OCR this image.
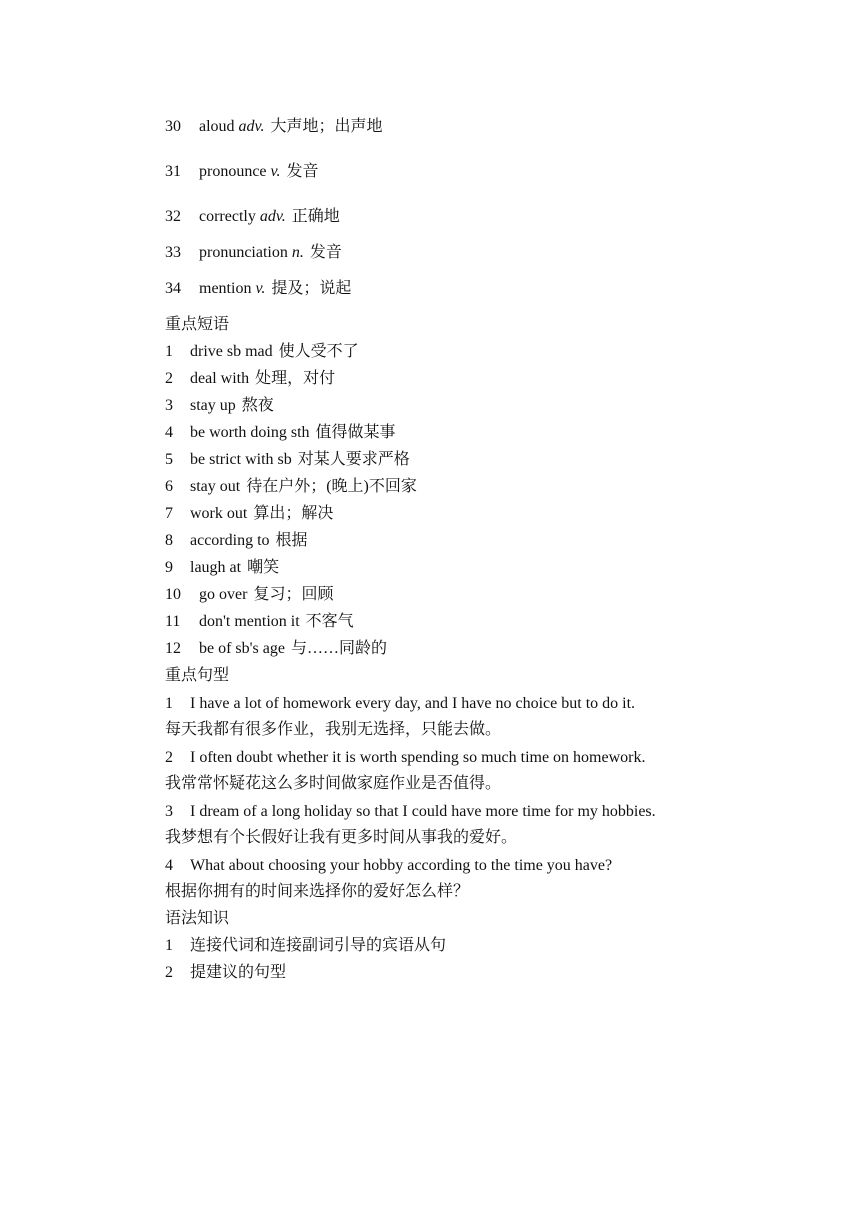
30 aloud adv. 大声地；出声地
31 pronounce v. 发音
32 correctly adv. 正确地
33 pronunciation n. 发音
34 mention v. 提及；说起
重点短语
1 drive sb mad 使人受不了
2 deal with 处理，对付
3 stay up 熬夜
4 be worth doing sth 值得做某事
5 be strict with sb 对某人要求严格
6 stay out 待在户外；(晚上)不回家
7 work out 算出；解决
8 according to 根据
9 laugh at 嘲笑
10 go over 复习；回顾
11 don't mention it 不客气
12 be of sb's age 与……同龄的
重点句型
1 I have a lot of homework every day, and I have no choice but to do it.
每天我都有很多作业，我别无选择，只能去做。
2 I often doubt whether it is worth spending so much time on homework.
我常常怀疑花这么多时间做家庭作业是否值得。
3 I dream of a long holiday so that I could have more time for my hobbies.
我梦想有个长假好让我有更多时间从事我的爱好。
4 What about choosing your hobby according to the time you have?
根据你拥有的时间来选择你的爱好怎么样？
语法知识
1 连接代词和连接副词引导的宾语从句
2 提建议的句型
